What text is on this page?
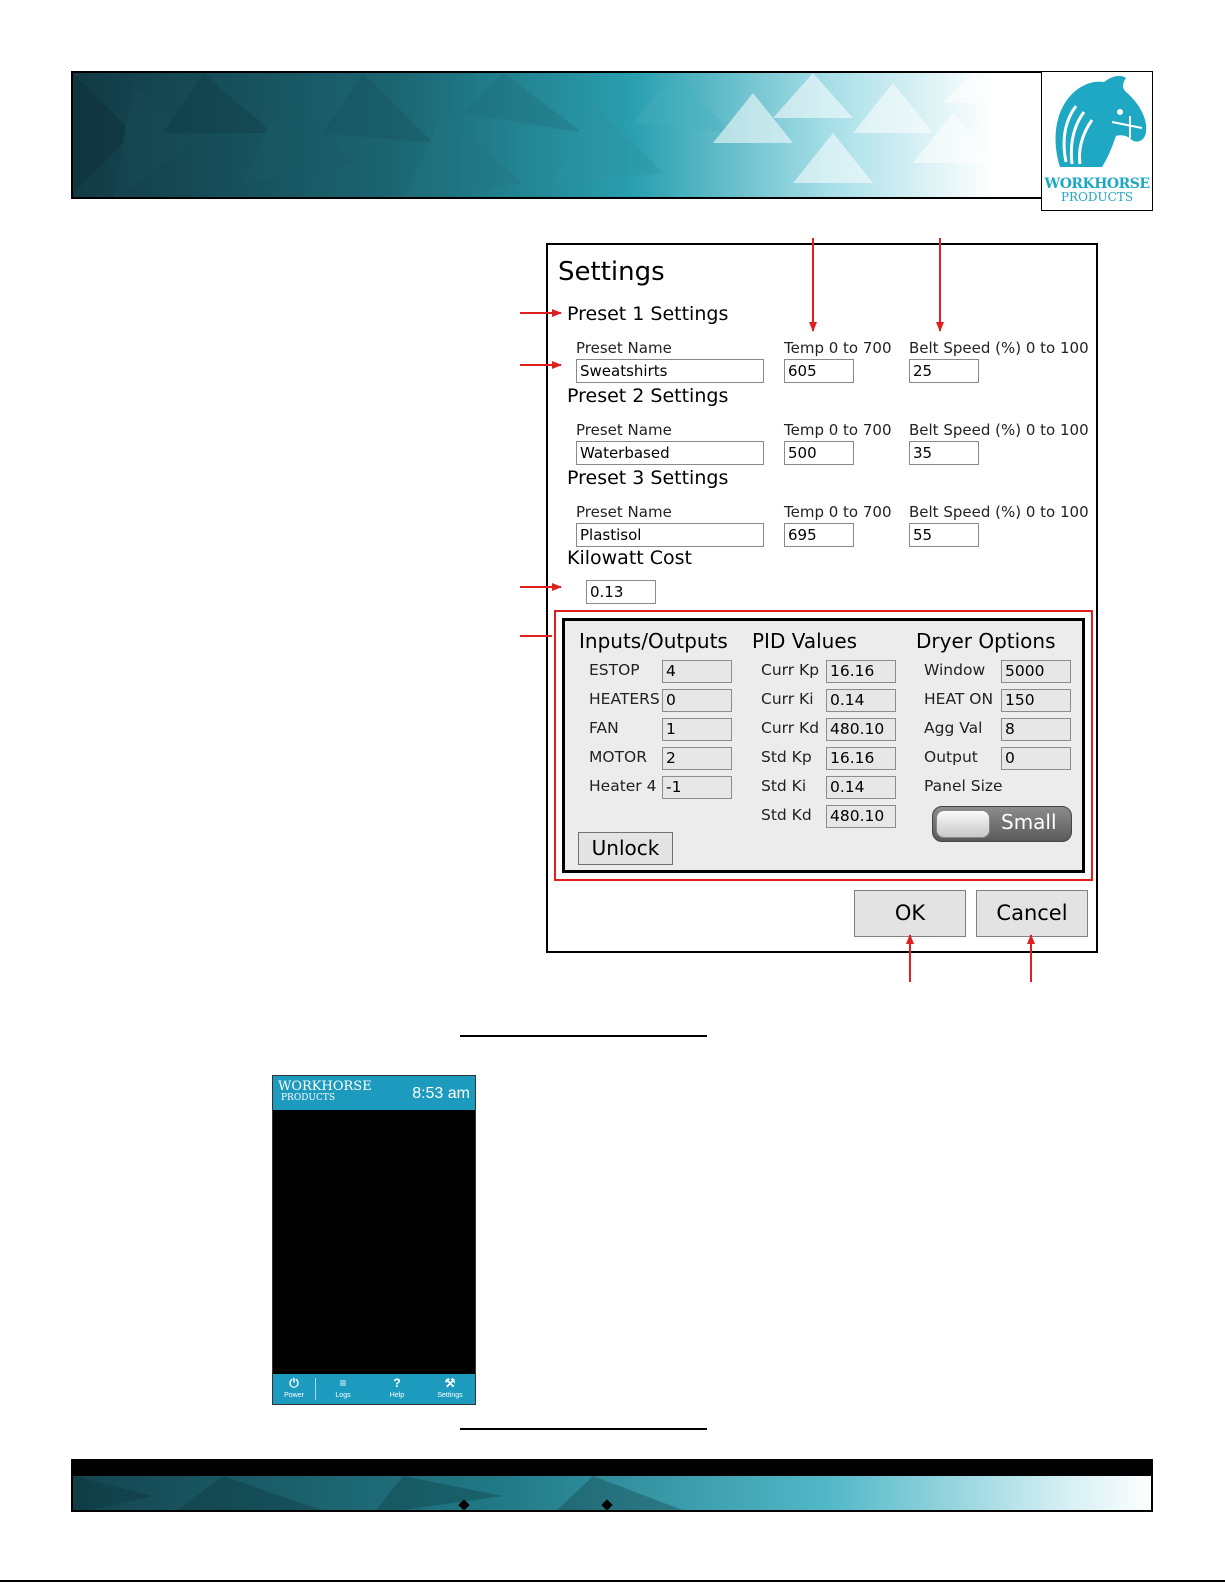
WORKHORSE
PRODUCTS
Settings
Preset 1 Settings
Preset Name	Temp 0 to 700 Belt Speed (%) 0 to 100
Sweatshirts	605	25
Preset 2 Settings
Preset Name	Temp 0 to 700 Belt Speed (%) 0 to 100
Waterbased	500	35
Preset 3 Settings
Preset Name	Temp 0 to 700 Belt Speed (%) 0 to 100
Plastisol	695	55
Kilowatt Cost
0.13
Inputs/Outputs PID Values	Dryer Options
ESTOP 4
HEATERS 0
FAN	1
MOTOR 2
Heater 4 -1
Curr Kp 16.16
Curr Ki 0.14
Curr Kd 480.10
Std Kp 16.16
Std Ki 0.14
Std Kd 480.10
Window 5000
HEAT ON 150
Agg Val 8
Output 0
Panel Size
Small
Unlock
OK	Cancel
WORKHORSE
PRODUCTS	8:53 am
⏻
Power
≡
Logs
?
Help
⚒
Settings
